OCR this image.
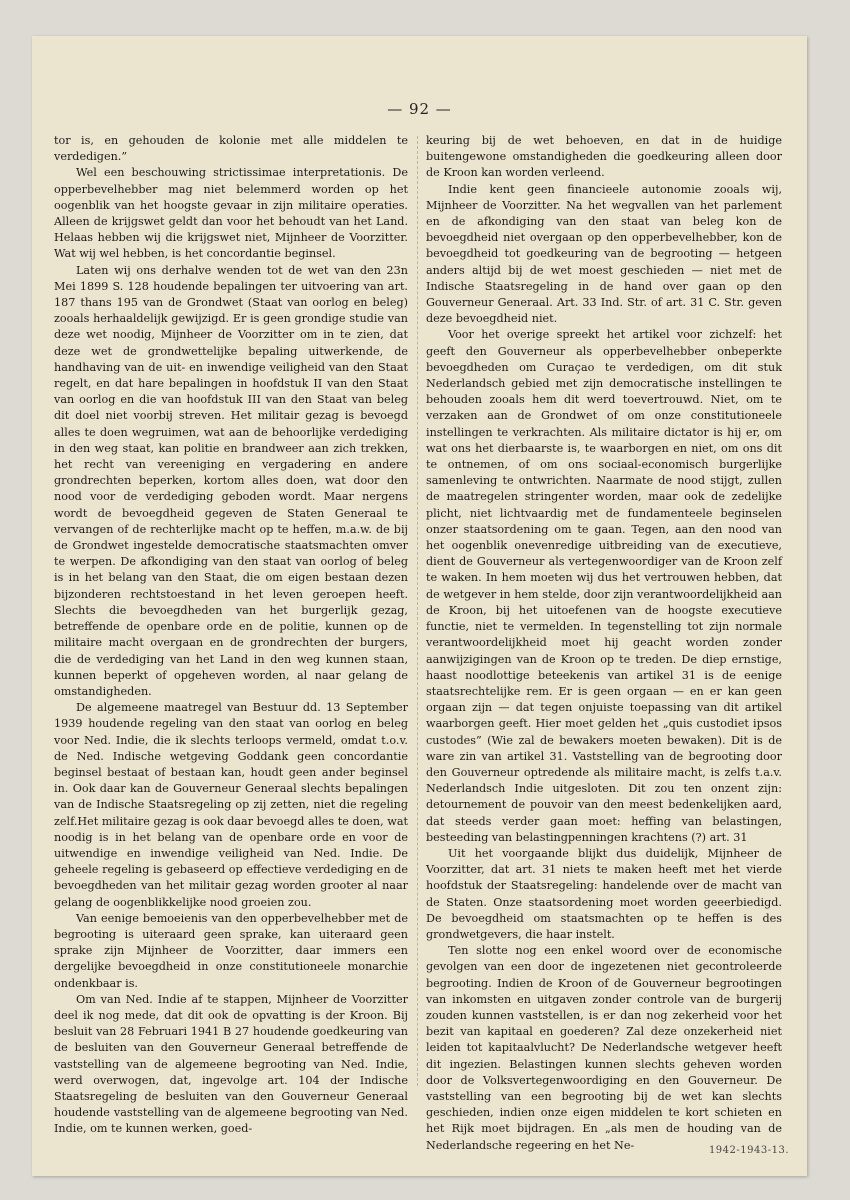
— 92 —

tor is, en gehouden de kolonie met alle middelen te verdedigen.”

Wel een beschouwing strictissimae interpretationis. De opperbevelhebber mag niet belemmerd worden op het oogenblik van het hoogste gevaar in zijn militaire operaties. Alleen de krijgswet geldt dan voor het behoudt van het Land. Helaas hebben wij die krijgswet niet, Mijnheer de Voorzitter. Wat wij wel hebben, is het concordantie beginsel.

Laten wij ons derhalve wenden tot de wet van den 23n Mei 1899 S. 128 houdende bepalingen ter uitvoering van art. 187 thans 195 van de Grondwet (Staat van oorlog en beleg) zooals herhaaldelijk gewijzigd. Er is geen grondige studie van deze wet noodig, Mijnheer de Voorzitter om in te zien, dat deze wet de grondwettelijke bepaling uitwerkende, de handhaving van de uit- en inwendige veiligheid van den Staat regelt, en dat hare bepalingen in hoofdstuk II van den Staat van oorlog en die van hoofdstuk III van den Staat van beleg dit doel niet voorbij streven. Het militair gezag is bevoegd alles te doen wegruimen, wat aan de behoorlijke verdediging in den weg staat, kan politie en brandweer aan zich trekken, het recht van vereeniging en vergadering en andere grondrechten beperken, kortom alles doen, wat door den nood voor de verdediging geboden wordt. Maar nergens wordt de bevoegdheid gegeven de Staten Generaal te vervangen of de rechterlijke macht op te heffen, m.a.w. de bij de Grondwet ingestelde democratische staatsmachten omver te werpen. De afkondiging van den staat van oorlog of beleg is in het belang van den Staat, die om eigen bestaan dezen bijzonderen rechtstoestand in het leven geroepen heeft. Slechts die bevoegdheden van het burgerlijk gezag, betreffende de openbare orde en de politie, kunnen op de militaire macht overgaan en de grondrechten der burgers, die de verdediging van het Land in den weg kunnen staan, kunnen beperkt of opgeheven worden, al naar gelang de omstandigheden.

De algemeene maatregel van Bestuur dd. 13 September 1939 houdende regeling van den staat van oorlog en beleg voor Ned. Indie, die ik slechts terloops vermeld, omdat t.o.v. de Ned. Indische wetgeving Goddank geen concordantie beginsel bestaat of bestaan kan, houdt geen ander beginsel in. Ook daar kan de Gouverneur Generaal slechts bepalingen van de Indische Staatsregeling op zij zetten, niet die regeling zelf.Het militaire gezag is ook daar bevoegd alles te doen, wat noodig is in het belang van de openbare orde en voor de uitwendige en inwendige veiligheid van Ned. Indie. De geheele regeling is gebaseerd op effectieve verdediging en de bevoegdheden van het militair gezag worden grooter al naar gelang de oogenblikkelijke nood groeien zou.

Van eenige bemoeienis van den opperbevelhebber met de begrooting is uiteraard geen sprake, kan uiteraard geen sprake zijn Mijnheer de Voorzitter, daar immers een dergelijke bevoegdheid in onze constitutioneele monarchie ondenkbaar is.

Om van Ned. Indie af te stappen, Mijnheer de Voorzitter deel ik nog mede, dat dit ook de opvatting is der Kroon. Bij besluit van 28 Februari 1941 B 27 houdende goedkeuring van de besluiten van den Gouverneur Generaal betreffende de vaststelling van de algemeene begrooting van Ned. Indie, werd overwogen, dat, ingevolge art. 104 der Indische Staatsregeling de besluiten van den Gouverneur Generaal houdende vaststelling van de algemeene begrooting van Ned. Indie, om te kunnen werken, goed-

keuring bij de wet behoeven, en dat in de huidige buitengewone omstandigheden die goedkeuring alleen door de Kroon kan worden verleend.

Indie kent geen financieele autonomie zooals wij, Mijnheer de Voorzitter. Na het wegvallen van het parlement en de afkondiging van den staat van beleg kon de bevoegdheid niet overgaan op den opperbevelhebber, kon de bevoegdheid tot goedkeuring van de begrooting — hetgeen anders altijd bij de wet moest geschieden — niet met de Indische Staatsregeling in de hand over gaan op den Gouverneur Generaal. Art. 33 Ind. Str. of art. 31 C. Str. geven deze bevoegdheid niet.

Voor het overige spreekt het artikel voor zichzelf: het geeft den Gouverneur als opperbevelhebber onbeperkte bevoegdheden om Curaçao te verdedigen, om dit stuk Nederlandsch gebied met zijn democratische instellingen te behouden zooals hem dit werd toevertrouwd. Niet, om te verzaken aan de Grondwet of om onze constitutioneele instellingen te verkrachten. Als militaire dictator is hij er, om wat ons het dierbaarste is, te waarborgen en niet, om ons dit te ontnemen, of om ons sociaal-economisch burgerlijke samenleving te ontwrichten. Naarmate de nood stijgt, zullen de maatregelen stringenter worden, maar ook de zedelijke plicht, niet lichtvaardig met de fundamenteele beginselen onzer staatsordening om te gaan. Tegen, aan den nood van het oogenblik onevenredige uitbreiding van de executieve, dient de Gouverneur als vertegenwoordiger van de Kroon zelf te waken. In hem moeten wij dus het vertrouwen hebben, dat de wetgever in hem stelde, door zijn verantwoordelijkheid aan de Kroon, bij het uitoefenen van de hoogste executieve functie, niet te vermelden. In tegenstelling tot zijn normale verantwoordelijkheid moet hij geacht worden zonder aanwijzigingen van de Kroon op te treden. De diep ernstige, haast noodlottige beteekenis van artikel 31 is de eenige staatsrechtelijke rem. Er is geen orgaan — en er kan geen orgaan zijn — dat tegen onjuiste toepassing van dit artikel waarborgen geeft. Hier moet gelden het „quis custodiet ipsos custodes” (Wie zal de bewakers moeten bewaken). Dit is de ware zin van artikel 31. Vaststelling van de begrooting door den Gouverneur optredende als militaire macht, is zelfs t.a.v. Nederlandsch Indie uitgesloten. Dit zou ten onzent zijn: detournement de pouvoir van den meest bedenkelijken aard, dat steeds verder gaan moet: heffing van belastingen, besteeding van belastingpenningen krachtens (?) art. 31

Uit het voorgaande blijkt dus duidelijk, Mijnheer de Voorzitter, dat art. 31 niets te maken heeft met het vierde hoofdstuk der Staatsregeling: handelende over de macht van de Staten. Onze staatsordening moet worden geeerbiedigd. De bevoegdheid om staatsmachten op te heffen is des grondwetgevers, die haar instelt.

Ten slotte nog een enkel woord over de economische gevolgen van een door de ingezetenen niet gecontroleerde begrooting. Indien de Kroon of de Gouverneur begrootingen van inkomsten en uitgaven zonder controle van de burgerij zouden kunnen vaststellen, is er dan nog zekerheid voor het bezit van kapitaal en goederen? Zal deze onzekerheid niet leiden tot kapitaalvlucht? De Nederlandsche wetgever heeft dit ingezien. Belastingen kunnen slechts geheven worden door de Volksvertegenwoordiging en den Gouverneur. De vaststelling van een begrooting bij de wet kan slechts geschieden, indien onze eigen middelen te kort schieten en het Rijk moet bijdragen. En „als men de houding van de Nederlandsche regeering en het Ne-	1942-1943-13.
